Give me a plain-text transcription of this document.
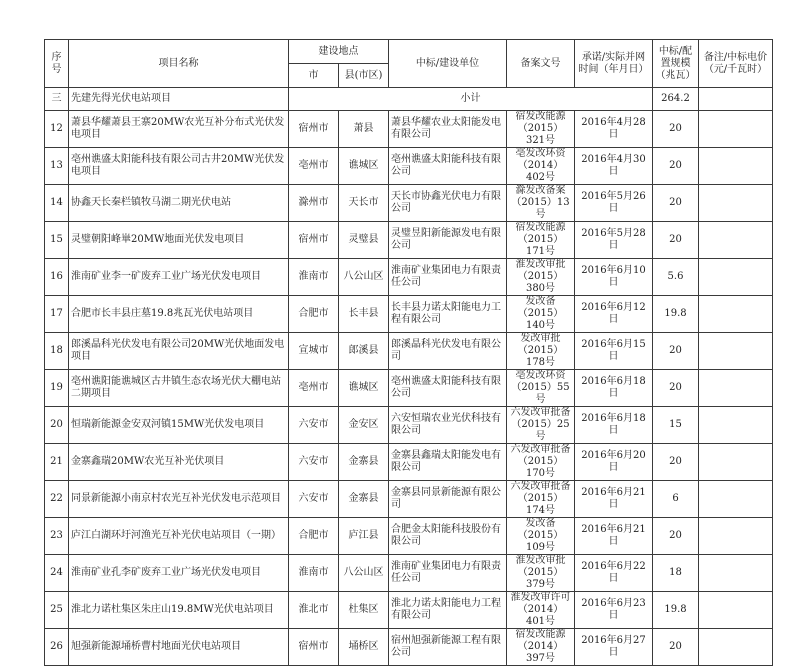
序号	项目名称	建设地点		中标/建设单位	备案文号	承诺/实际并网时间（年月日）	中标/配置规模（兆瓦）	备注/中标电价（元/千瓦时）
		市	县(市区)					
三	先建先得光伏电站项目	小计					264.2	
12	萧县华耀萧县王寨20MW农光互补分布式光伏发电项目	宿州市	萧县	萧县华耀农业太阳能发电有限公司	宿发改能源（2015）321号	2016年4月28日	20	
13	亳州谯盛太阳能科技有限公司古井20MW光伏发电项目	亳州市	谯城区	亳州谯盛太阳能科技有限公司	亳发改环资（2014）402号	2016年4月30日	20	
14	协鑫天长秦栏镇牧马湖二期光伏电站	滁州市	天长市	天长市协鑫光伏电力有限公司	滁发改备案（2015）13号	2016年5月26日	20	
15	灵璧朝阳峰崋20MW地面光伏发电项目	宿州市	灵璧县	灵璧昱阳新能源发电有限公司	宿发改能源（2015）171号	2016年5月28日	20	
16	淮南矿业李一矿废弃工业广场光伏发电项目	淮南市	八公山区	淮南矿业集团电力有限责任公司	淮发改审批（2015）380号	2016年6月10日	5.6	
17	合肥市长丰县庄墓19.8兆瓦光伏电站项目	合肥市	长丰县	长丰县力诺太阳能电力工程有限公司	发改备（2015）140号	2016年6月12日	19.8	
18	郎溪晶科光伏发电有限公司20MW光伏地面发电项目	宣城市	郎溪县	郎溪晶科光伏发电有限公司	发改审批（2015）178号	2016年6月15日	20	
19	亳州谯阳能谯城区古井镇生态农场光伏大棚电站二期项目	亳州市	谯城区	亳州谯盛太阳能科技有限公司	亳发改环资（2015）55号	2016年6月18日	20	
20	恒瑞新能源金安双河镇15MW光伏发电项目	六安市	金安区	六安恒瑞农业光伏科技有限公司	六发改审批备（2015）25号	2016年6月18日	15	
21	金寨鑫瑞20MW农光互补光伏项目	六安市	金寨县	金寨县鑫瑞太阳能发电有限公司	六发改审批备（2015）170号	2016年6月20日	20	
22	同景新能源小南京村农光互补光伏发电示范项目	六安市	金寨县	金寨县同景新能源有限公司	六发改审批备（2015）174号	2016年6月21日	6	
23	庐江白湖环圩河渔光互补光伏电站项目（一期）	合肥市	庐江县	合肥金太阳能科技股份有限公司	发改备（2015）109号	2016年6月21日	20	
24	淮南矿业孔李矿废弃工业广场光伏发电项目	淮南市	八公山区	淮南矿业集团电力有限责任公司	淮发改审批（2015）379号	2016年6月22日	18	
25	淮北力诺杜集区朱庄山19.8MW光伏电站项目	淮北市	杜集区	淮北力诺太阳能电力工程有限公司	淮发改审许可（2014）401号	2016年6月23日	19.8	
26	旭强新能源埇桥曹村地面光伏电站项目	宿州市	埇桥区	宿州旭强新能源工程有限公司	宿发改能源（2014）397号	2016年6月27日	20	
